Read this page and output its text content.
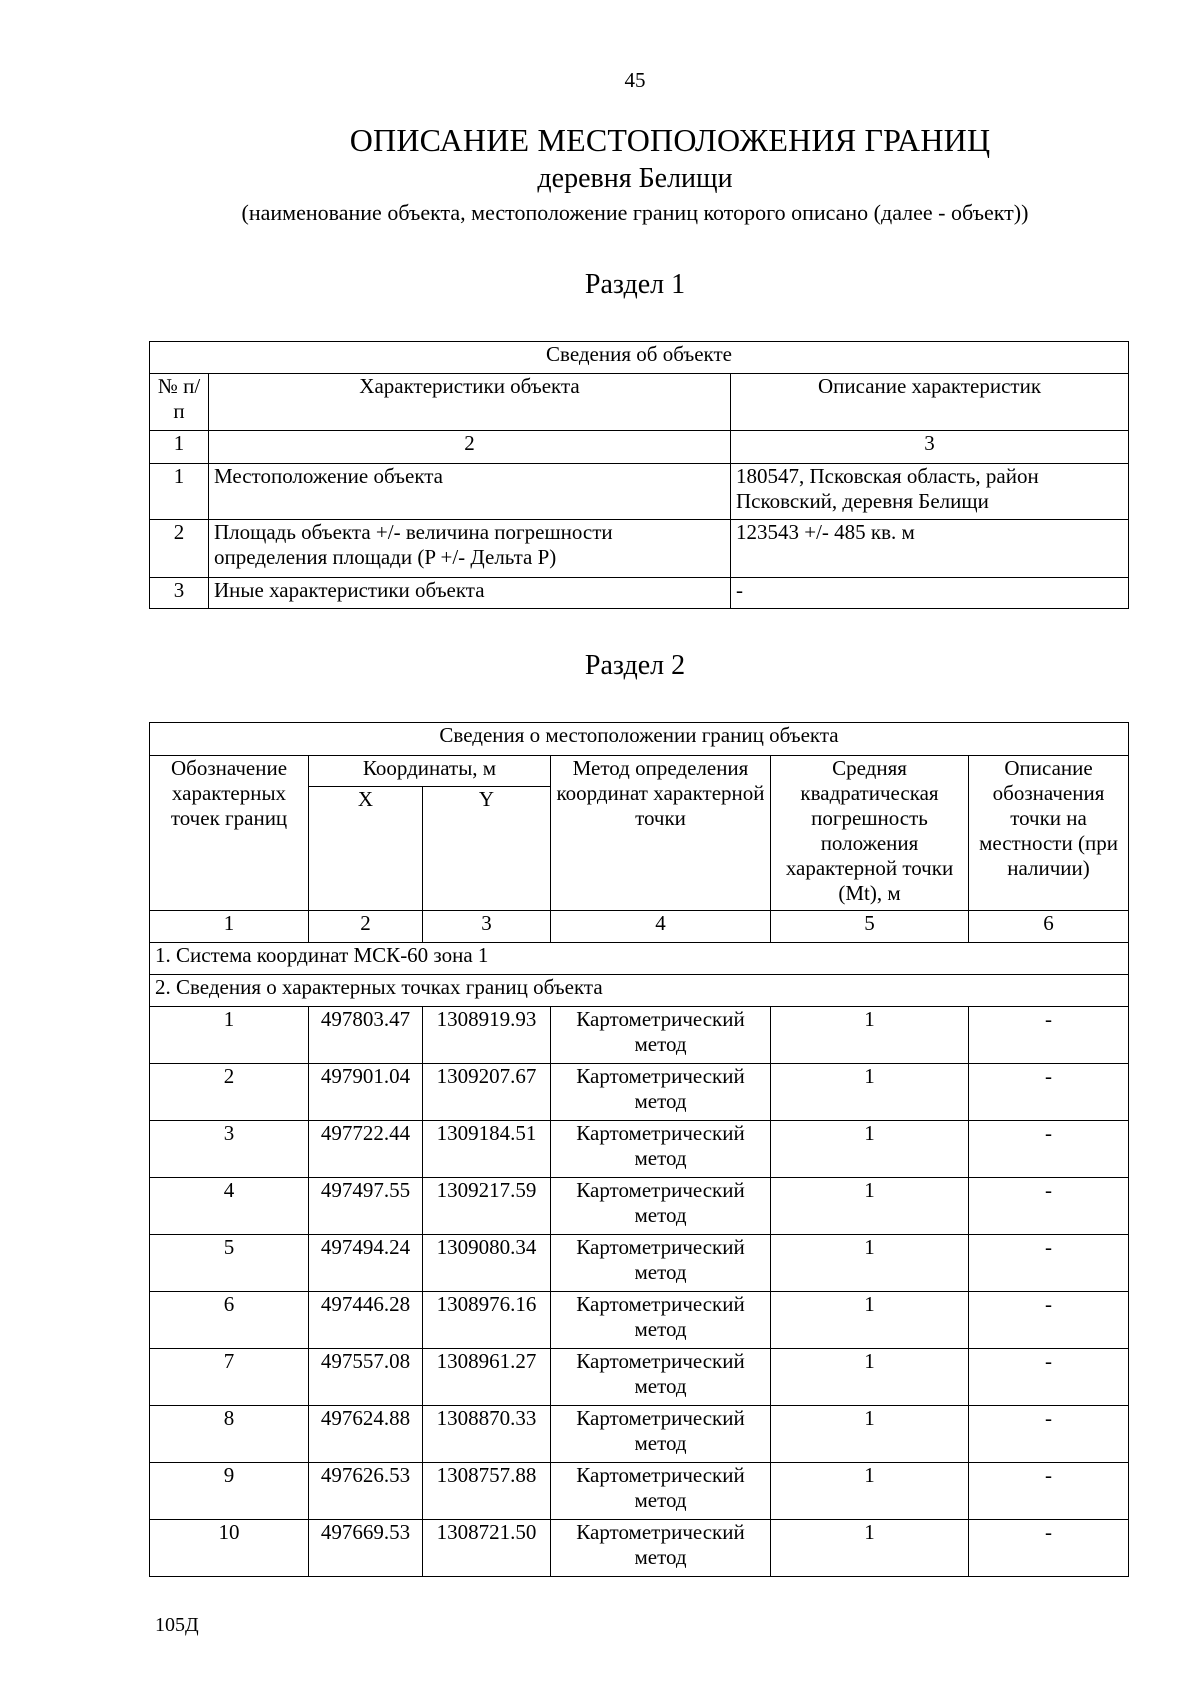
45
ОПИСАНИЕ МЕСТОПОЛОЖЕНИЯ ГРАНИЦ
деревня Белищи
(наименование объекта, местоположение границ которого описано (далее - объект))
Раздел 1
Сведения об объекте		
№ п/п	Характеристики объекта	Описание характеристик
1	2	3
1	Местоположение объекта	180547, Псковская область, район Псковский, деревня Белищи
2	Площадь объекта +/- величина погрешности определения площади (P +/- Дельта P)	123543 +/- 485 кв. м
3	Иные характеристики объекта	-
Раздел 2
Сведения о местоположении границ объекта					
Обозначение характерных точек границ	Координаты, м		Метод определения координат характерной точки	Средняя квадратическая погрешность положения характерной точки (Mt), м	Описание обозначения точки на местности (при наличии)
	X	Y			
1	2	3	4	5	6
1. Система координат МСК-60 зона 1					
2. Сведения о характерных точках границ объекта					
1	497803.47	1308919.93	Картометрический метод	1	-
2	497901.04	1309207.67	Картометрический метод	1	-
3	497722.44	1309184.51	Картометрический метод	1	-
4	497497.55	1309217.59	Картометрический метод	1	-
5	497494.24	1309080.34	Картометрический метод	1	-
6	497446.28	1308976.16	Картометрический метод	1	-
7	497557.08	1308961.27	Картометрический метод	1	-
8	497624.88	1308870.33	Картометрический метод	1	-
9	497626.53	1308757.88	Картометрический метод	1	-
10	497669.53	1308721.50	Картометрический метод	1	-
105Д
